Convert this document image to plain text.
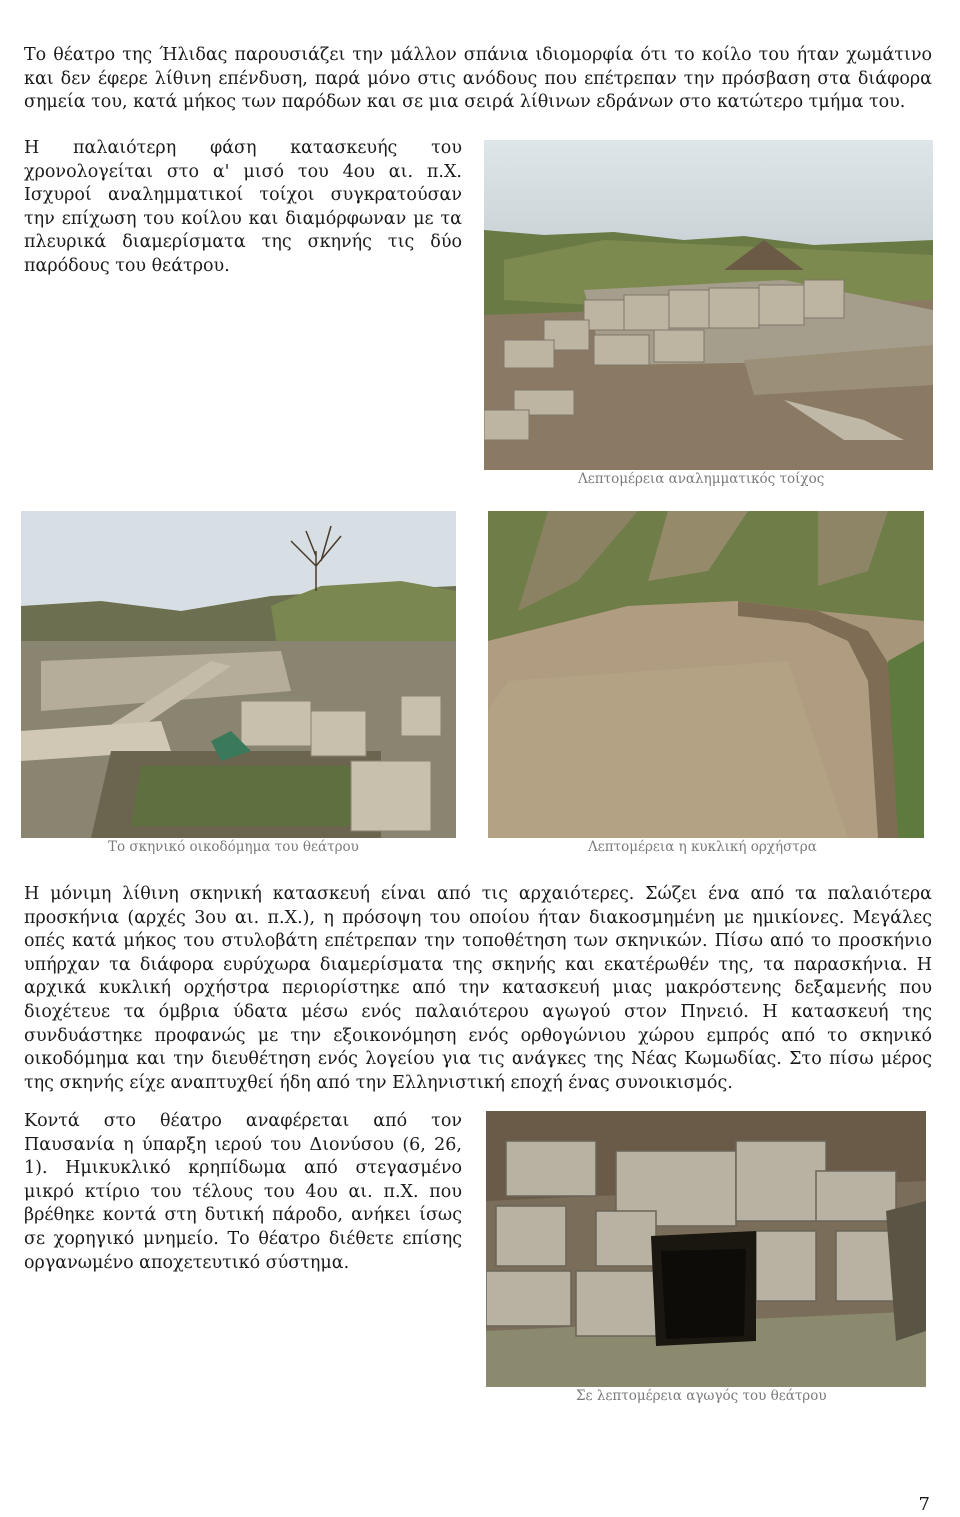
Το θέατρο της Ήλιδας παρουσιάζει την μάλλον σπάνια ιδιομορφία ότι το κοίλο του ήταν χωμάτινο και δεν έφερε λίθινη επένδυση, παρά μόνο στις ανόδους που επέτρεπαν την πρόσβαση στα διάφορα σημεία του, κατά μήκος των παρόδων και σε μια σειρά λίθινων εδράνων στο κατώτερο τμήμα του.

Η παλαιότερη φάση κατασκευής του χρονολογείται στο α' μισό του 4ου αι. π.Χ. Ισχυροί αναλημματικοί τοίχοι συγκρατούσαν την επίχωση του κοίλου και διαμόρφωναν με τα πλευρικά διαμερίσματα της σκηνής τις δύο παρόδους του θεάτρου.

Λεπτομέρεια αναλημματικός τοίχος

Το σκηνικό οικοδόμημα του θεάτρου	Λεπτομέρεια η κυκλική ορχήστρα

Η μόνιμη λίθινη σκηνική κατασκευή είναι από τις αρχαιότερες. Σώζει ένα από τα παλαιότερα προσκήνια (αρχές 3ου αι. π.Χ.), η πρόσοψη του οποίου ήταν διακοσμημένη με ημικίονες. Μεγάλες οπές κατά μήκος του στυλοβάτη επέτρεπαν την τοποθέτηση των σκηνικών. Πίσω από το προσκήνιο υπήρχαν τα διάφορα ευρύχωρα διαμερίσματα της σκηνής και εκατέρωθέν της, τα παρασκήνια. Η αρχικά κυκλική ορχήστρα περιορίστηκε από την κατασκευή μιας μακρόστενης δεξαμενής που διοχέτευε τα όμβρια ύδατα μέσω ενός παλαιότερου αγωγού στον Πηνειό. Η κατασκευή της συνδυάστηκε προφανώς με την εξοικονόμηση ενός ορθογώνιου χώρου εμπρός από το σκηνικό οικοδόμημα και την διευθέτηση ενός λογείου για τις ανάγκες της Νέας Κωμωδίας. Στο πίσω μέρος της σκηνής είχε αναπτυχθεί ήδη από την Ελληνιστική εποχή ένας συνοικισμός.

Κοντά στο θέατρο αναφέρεται από τον Παυσανία η ύπαρξη ιερού του Διονύσου (6, 26, 1). Ημικυκλικό κρηπίδωμα από στεγασμένο μικρό κτίριο του τέλους του 4ου αι. π.Χ. που βρέθηκε κοντά στη δυτική πάροδο, ανήκει ίσως σε χορηγικό μνημείο. Το θέατρο διέθετε επίσης οργανωμένο αποχετευτικό σύστημα.

Σε λεπτομέρεια αγωγός του θεάτρου

7
